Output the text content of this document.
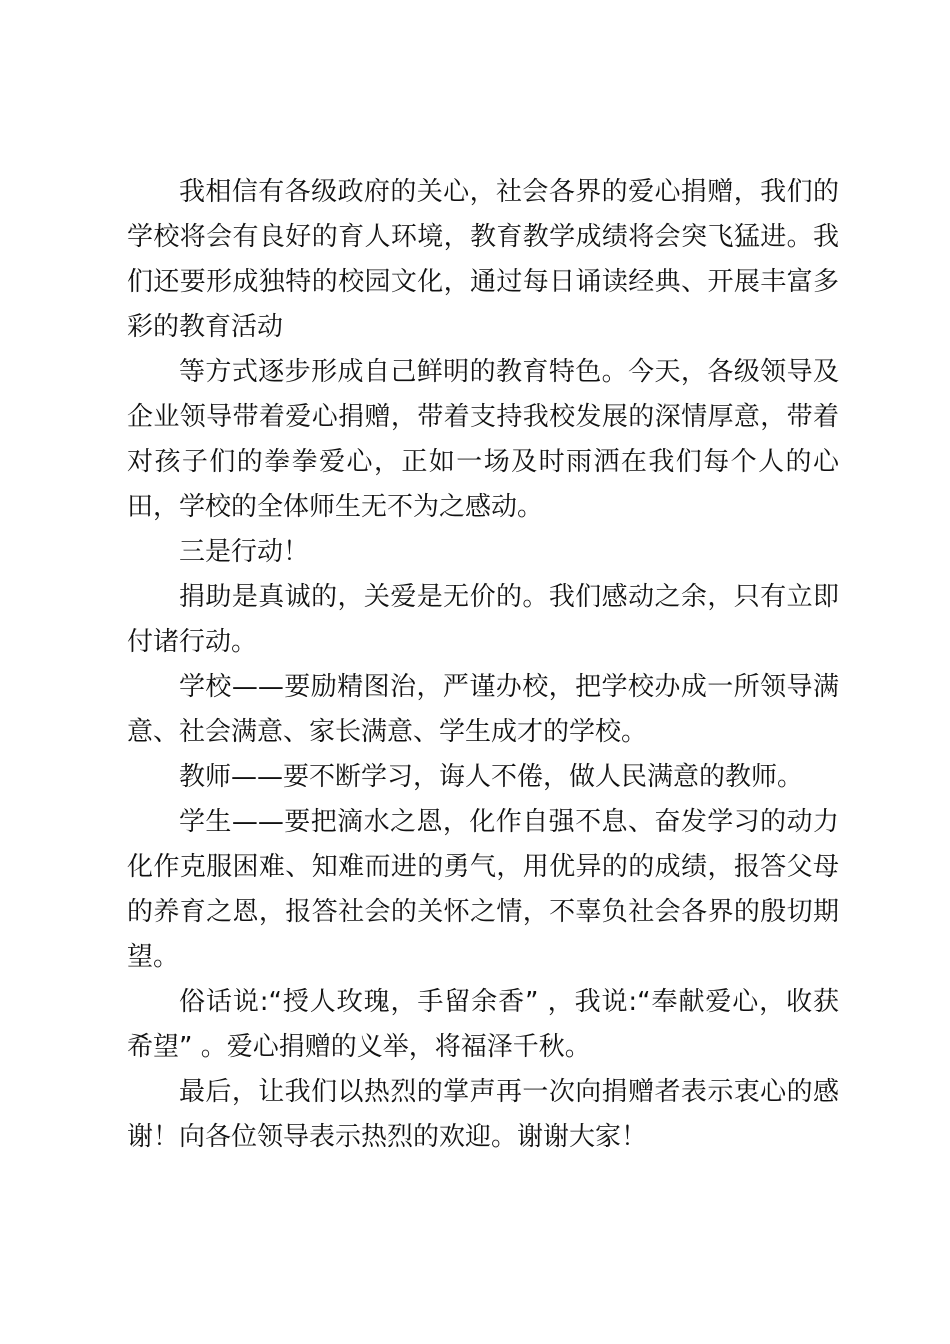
我相信有各级政府的关心，社会各界的爱心捐赠，我们的学校将会有良好的育人环境，教育教学成绩将会突飞猛进。我们还要形成独特的校园文化，通过每日诵读经典、开展丰富多彩的教育活动

等方式逐步形成自己鲜明的教育特色。今天，各级领导及企业领导带着爱心捐赠，带着支持我校发展的深情厚意，带着对孩子们的拳拳爱心，正如一场及时雨洒在我们每个人的心田，学校的全体师生无不为之感动。

三是行动！

捐助是真诚的，关爱是无价的。我们感动之余，只有立即付诸行动。

学校——要励精图治，严谨办校，把学校办成一所领导满意、社会满意、家长满意、学生成才的学校。

教师——要不断学习，诲人不倦，做人民满意的教师。

学生——要把滴水之恩，化作自强不息、奋发学习的动力化作克服困难、知难而进的勇气，用优异的的成绩，报答父母的养育之恩，报答社会的关怀之情，不辜负社会各界的殷切期望。

俗话说:“授人玫瑰，手留余香” ，我说:“奉献爱心，收获希望” 。爱心捐赠的义举，将福泽千秋。

最后，让我们以热烈的掌声再一次向捐赠者表示衷心的感谢！向各位领导表示热烈的欢迎。谢谢大家！
